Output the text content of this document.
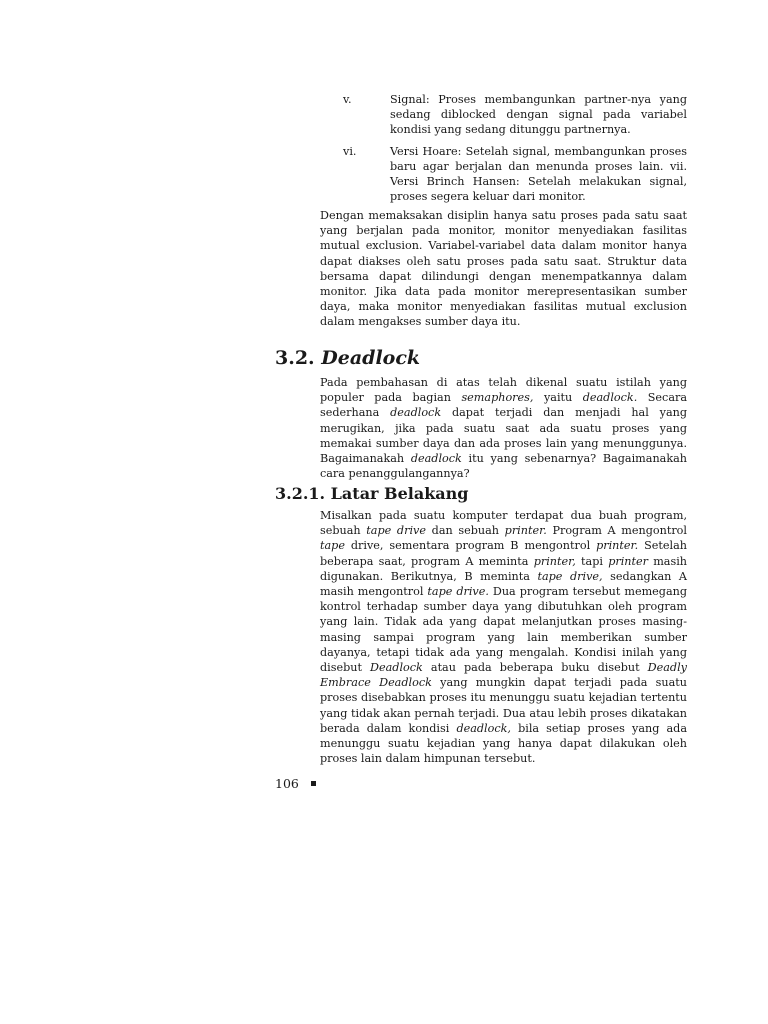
v.	Signal: Proses membangunkan partner-nya yang sedang diblocked dengan signal pada variabel kondisi yang sedang ditunggu partnernya.
vi.	Versi Hoare: Setelah signal, membangunkan proses baru agar berjalan dan menunda proses lain. vii. Versi Brinch Hansen: Setelah melakukan signal, proses segera keluar dari monitor.

Dengan memaksakan disiplin hanya satu proses pada satu saat yang berjalan pada monitor, monitor menyediakan fasilitas mutual exclusion. Variabel-variabel data dalam monitor hanya dapat diakses oleh satu proses pada satu saat. Struktur data bersama dapat dilindungi dengan menempatkannya dalam monitor. Jika data pada monitor merepresentasikan sumber daya, maka monitor menyediakan fasilitas mutual exclusion dalam mengakses sumber daya itu.

3.2. Deadlock

Pada pembahasan di atas telah dikenal suatu istilah yang populer pada bagian semaphores, yaitu deadlock. Secara sederhana deadlock dapat terjadi dan menjadi hal yang merugikan, jika pada suatu saat ada suatu proses yang memakai sumber daya dan ada proses lain yang menunggunya. Bagaimanakah deadlock itu yang sebenarnya? Bagaimanakah cara penanggulangannya?

3.2.1. Latar Belakang

Misalkan pada suatu komputer terdapat dua buah program, sebuah tape drive dan sebuah printer. Program A mengontrol tape drive, sementara program B mengontrol printer. Setelah beberapa saat, program A meminta printer, tapi printer masih digunakan. Berikutnya, B meminta tape drive, sedangkan A masih mengontrol tape drive. Dua program tersebut memegang kontrol terhadap sumber daya yang dibutuhkan oleh program yang lain. Tidak ada yang dapat melanjutkan proses masing-masing sampai program yang lain memberikan sumber dayanya, tetapi tidak ada yang mengalah. Kondisi inilah yang disebut Deadlock atau pada beberapa buku disebut Deadly Embrace Deadlock yang mungkin dapat terjadi pada suatu proses disebabkan proses itu menunggu suatu kejadian tertentu yang tidak akan pernah terjadi. Dua atau lebih proses dikatakan berada dalam kondisi deadlock, bila setiap proses yang ada menunggu suatu kejadian yang hanya dapat dilakukan oleh proses lain dalam himpunan tersebut.

106
